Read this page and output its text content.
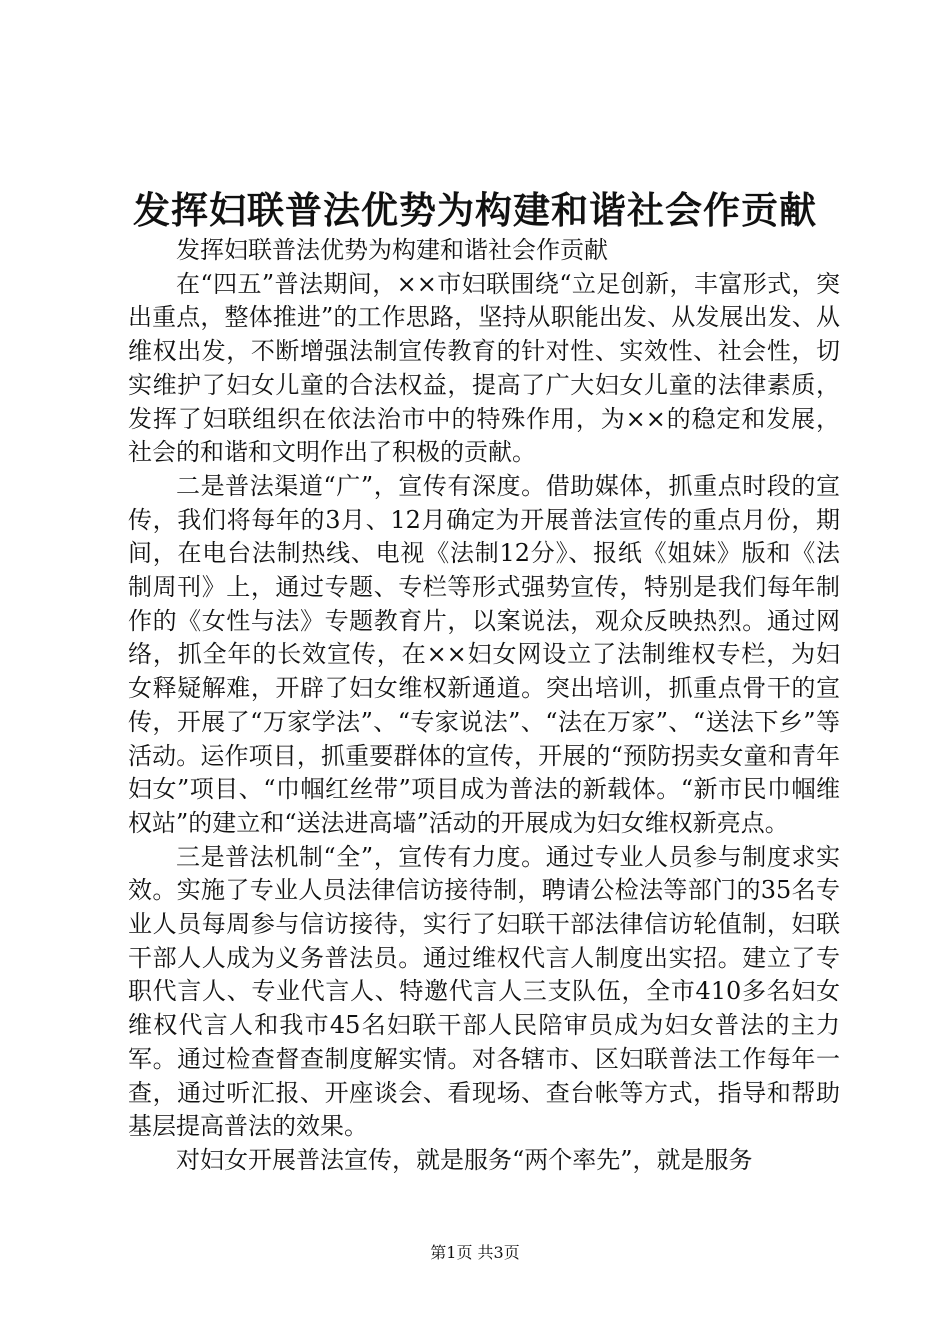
发挥妇联普法优势为构建和谐社会作贡献

发挥妇联普法优势为构建和谐社会作贡献

在“四五”普法期间，××市妇联围绕“立足创新，丰富形式，突出重点，整体推进”的工作思路，坚持从职能出发、从发展出发、从维权出发，不断增强法制宣传教育的针对性、实效性、社会性，切实维护了妇女儿童的合法权益，提高了广大妇女儿童的法律素质，发挥了妇联组织在依法治市中的特殊作用，为××的稳定和发展，社会的和谐和文明作出了积极的贡献。

二是普法渠道“广”，宣传有深度。借助媒体，抓重点时段的宣传，我们将每年的3月、12月确定为开展普法宣传的重点月份，期间，在电台法制热线、电视《法制12分》、报纸《姐妹》版和《法制周刊》上，通过专题、专栏等形式强势宣传，特别是我们每年制作的《女性与法》专题教育片，以案说法，观众反映热烈。通过网络，抓全年的长效宣传，在××妇女网设立了法制维权专栏，为妇女释疑解难，开辟了妇女维权新通道。突出培训，抓重点骨干的宣传，开展了“万家学法”、“专家说法”、“法在万家”、“送法下乡”等活动。运作项目，抓重要群体的宣传，开展的“预防拐卖女童和青年妇女”项目、“巾帼红丝带”项目成为普法的新载体。“新市民巾帼维权站”的建立和“送法进高墙”活动的开展成为妇女维权新亮点。

三是普法机制“全”，宣传有力度。通过专业人员参与制度求实效。实施了专业人员法律信访接待制，聘请公检法等部门的35名专业人员每周参与信访接待，实行了妇联干部法律信访轮值制，妇联干部人人成为义务普法员。通过维权代言人制度出实招。建立了专职代言人、专业代言人、特邀代言人三支队伍，全市410多名妇女维权代言人和我市45名妇联干部人民陪审员成为妇女普法的主力军。通过检查督查制度解实情。对各辖市、区妇联普法工作每年一查，通过听汇报、开座谈会、看现场、查台帐等方式，指导和帮助基层提高普法的效果。

对妇女开展普法宣传，就是服务“两个率先”，就是服务

第1页 共3页
